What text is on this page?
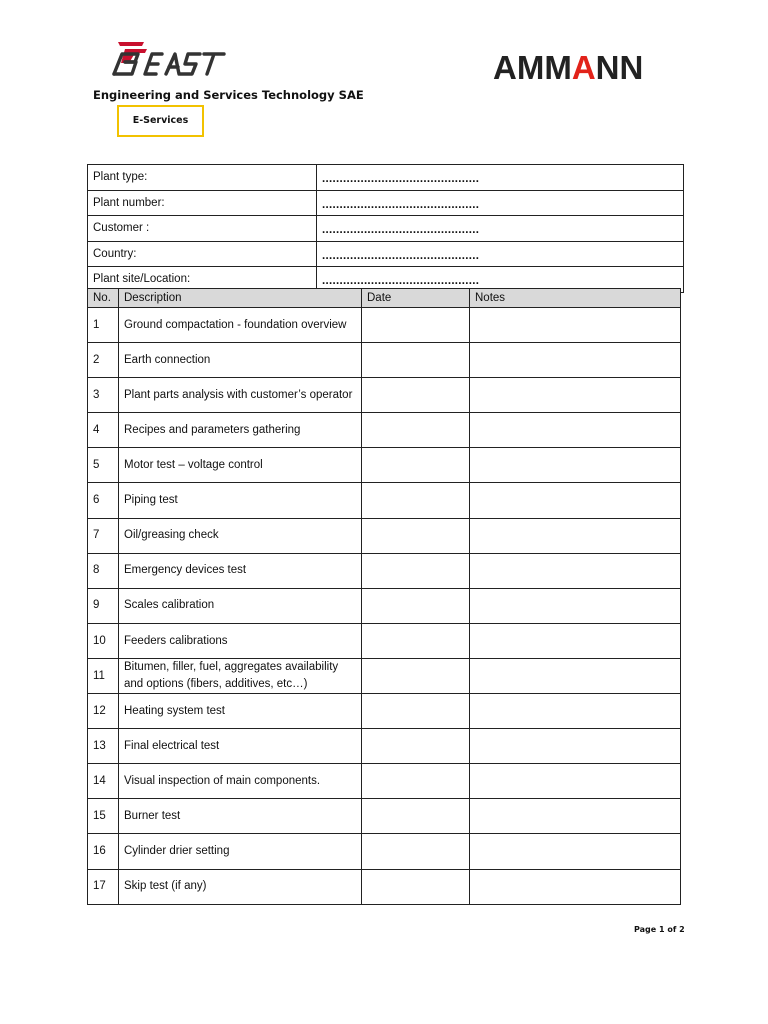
AMMANN
Engineering and Services Technology SAE
E-Services
Plant type:	.............................................
Plant number:	.............................................
Customer :	.............................................
Country:	.............................................
Plant site/Location:	.............................................
No.	Description	Date	Notes
1	Ground compactation - foundation overview		
2	Earth connection		
3	Plant parts analysis with customer’s operator		
4	Recipes and parameters gathering		
5	Motor test – voltage control		
6	Piping test		
7	Oil/greasing check		
8	Emergency devices test		
9	Scales calibration		
10	Feeders calibrations		
11	Bitumen, filler, fuel, aggregates availability and options (fibers, additives, etc…)		
12	Heating system test		
13	Final electrical test		
14	Visual inspection of main components.		
15	Burner test		
16	Cylinder drier setting		
17	Skip test (if any)		
Page 1 of 2
